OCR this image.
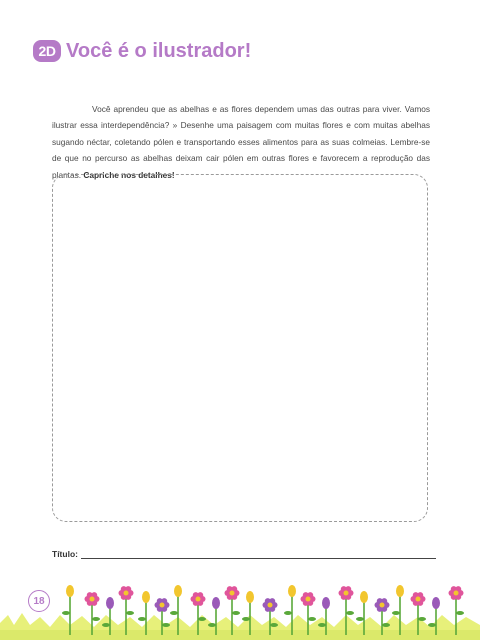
2D Você é o ilustrador!
Você aprendeu que as abelhas e as flores dependem umas das outras para viver. Vamos ilustrar essa interdependência? » Desenhe uma paisagem com muitas flores e com muitas abelhas sugando néctar, coletando pólen e transportando esses alimentos para as suas colmeias. Lembre-se de que no percurso as abelhas deixam cair pólen em outras flores e favorecem a reprodução das plantas. Capriche nos detalhes!
Título:
18
